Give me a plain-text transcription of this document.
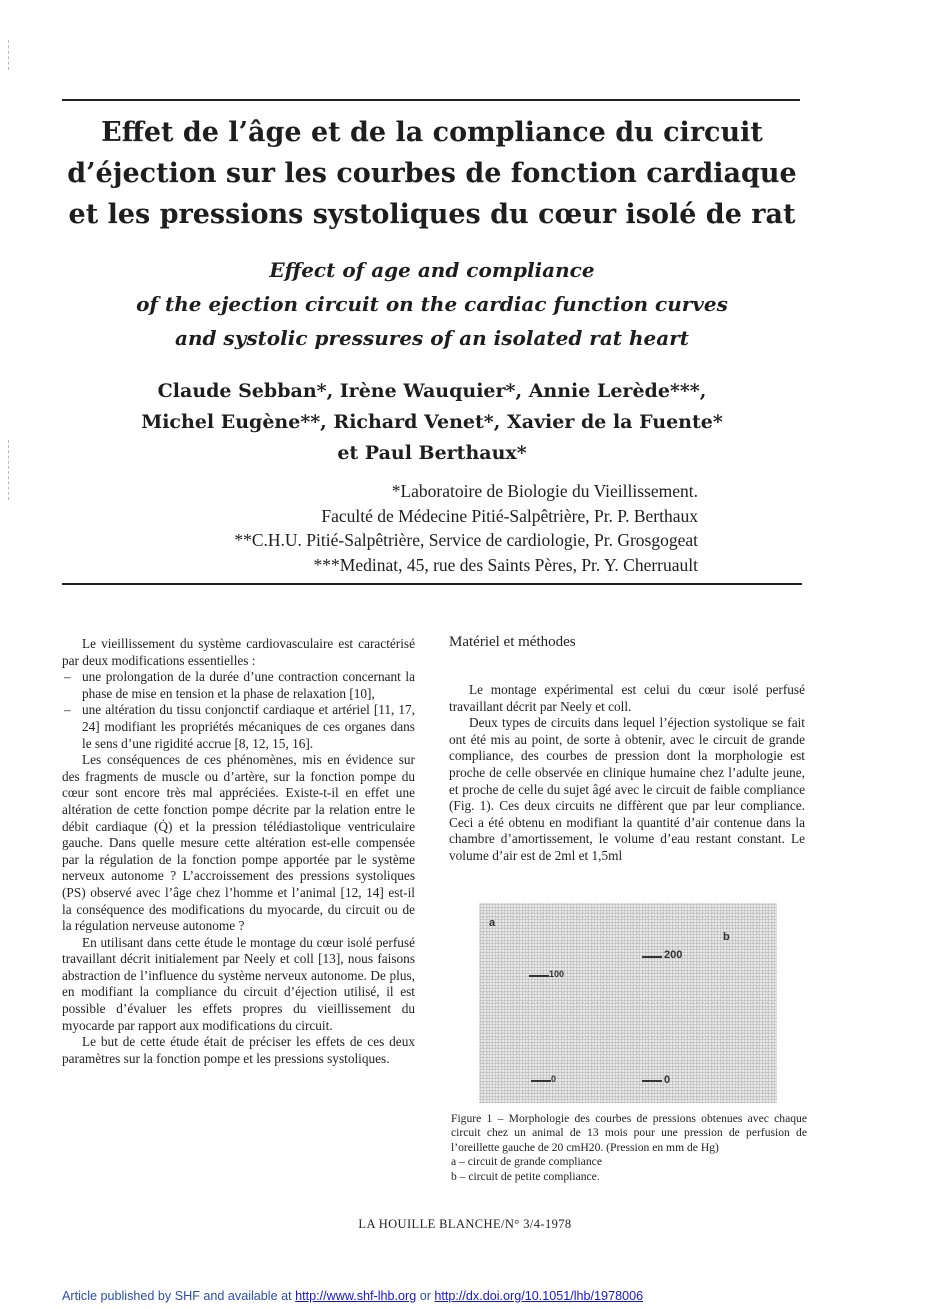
Effet de l’âge et de la compliance du circuit
d’éjection sur les courbes de fonction cardiaque
et les pressions systoliques du cœur isolé de rat
Effect of age and compliance
of the ejection circuit on the cardiac function curves
and systolic pressures of an isolated rat heart
Claude Sebban*, Irène Wauquier*, Annie Lerède***,
Michel Eugène**, Richard Venet*, Xavier de la Fuente*
et Paul Berthaux*
*Laboratoire de Biologie du Vieillissement.
Faculté de Médecine Pitié-Salpêtrière, Pr. P. Berthaux
**C.H.U. Pitié-Salpêtrière, Service de cardiologie, Pr. Grosgogeat
***Medinat, 45, rue des Saints Pères, Pr. Y. Cherruault

Le vieillissement du système cardiovasculaire est caractérisé par deux modifications essentielles :

– une prolongation de la durée d’une contraction concernant la phase de mise en tension et la phase de relaxation [10],
– une altération du tissu conjonctif cardiaque et artériel [11, 17, 24] modifiant les propriétés mécaniques de ces organes dans le sens d’une rigidité accrue [8, 12, 15, 16].

Les conséquences de ces phénomènes, mis en évidence sur des fragments de muscle ou d’artère, sur la fonction pompe du cœur sont encore très mal appréciées. Existe-t-il en effet une altération de cette fonction pompe décrite par la relation entre le débit cardiaque (Q̇) et la pression télédiastolique ventriculaire gauche. Dans quelle mesure cette altération est-elle compensée par la régulation de la fonction pompe apportée par le système nerveux autonome ? L’accroissement des pressions systoliques (PS) observé avec l’âge chez l’homme et l’animal [12, 14] est-il la conséquence des modifications du myocarde, du circuit ou de la régulation nerveuse autonome ?

En utilisant dans cette étude le montage du cœur isolé perfusé travaillant décrit initialement par Neely et coll [13], nous faisons abstraction de l’influence du système nerveux autonome. De plus, en modifiant la compliance du circuit d’éjection utilisé, il est possible d’évaluer les effets propres du vieillissement du myocarde par rapport aux modifications du circuit.

Le but de cette étude était de préciser les effets de ces deux paramètres sur la fonction pompe et les pressions systoliques.

Matériel et méthodes

Le montage expérimental est celui du cœur isolé perfusé travaillant décrit par Neely et coll.

Deux types de circuits dans lequel l’éjection systolique se fait ont été mis au point, de sorte à obtenir, avec le circuit de grande compliance, des courbes de pression dont la morphologie est proche de celle observée en clinique humaine chez l’adulte jeune, et proche de celle du sujet âgé avec le circuit de faible compliance (Fig. 1). Ces deux circuits ne diffèrent que par leur compliance. Ceci a été obtenu en modifiant la quantité d’air contenue dans la chambre d’amortissement, le volume d’eau restant constant. Le volume d’air est de 2ml et 1,5ml

a
b
100
0
200
0
Figure 1 – Morphologie des courbes de pressions obtenues avec chaque circuit chez un animal de 13 mois pour une pression de perfusion de l’oreillette gauche de 20 cmH20. (Pression en mm de Hg)
a – circuit de grande compliance
b – circuit de petite compliance.
LA HOUILLE BLANCHE/N° 3/4-1978
Article published by SHF and available at http://www.shf-lhb.org or http://dx.doi.org/10.1051/lhb/1978006
